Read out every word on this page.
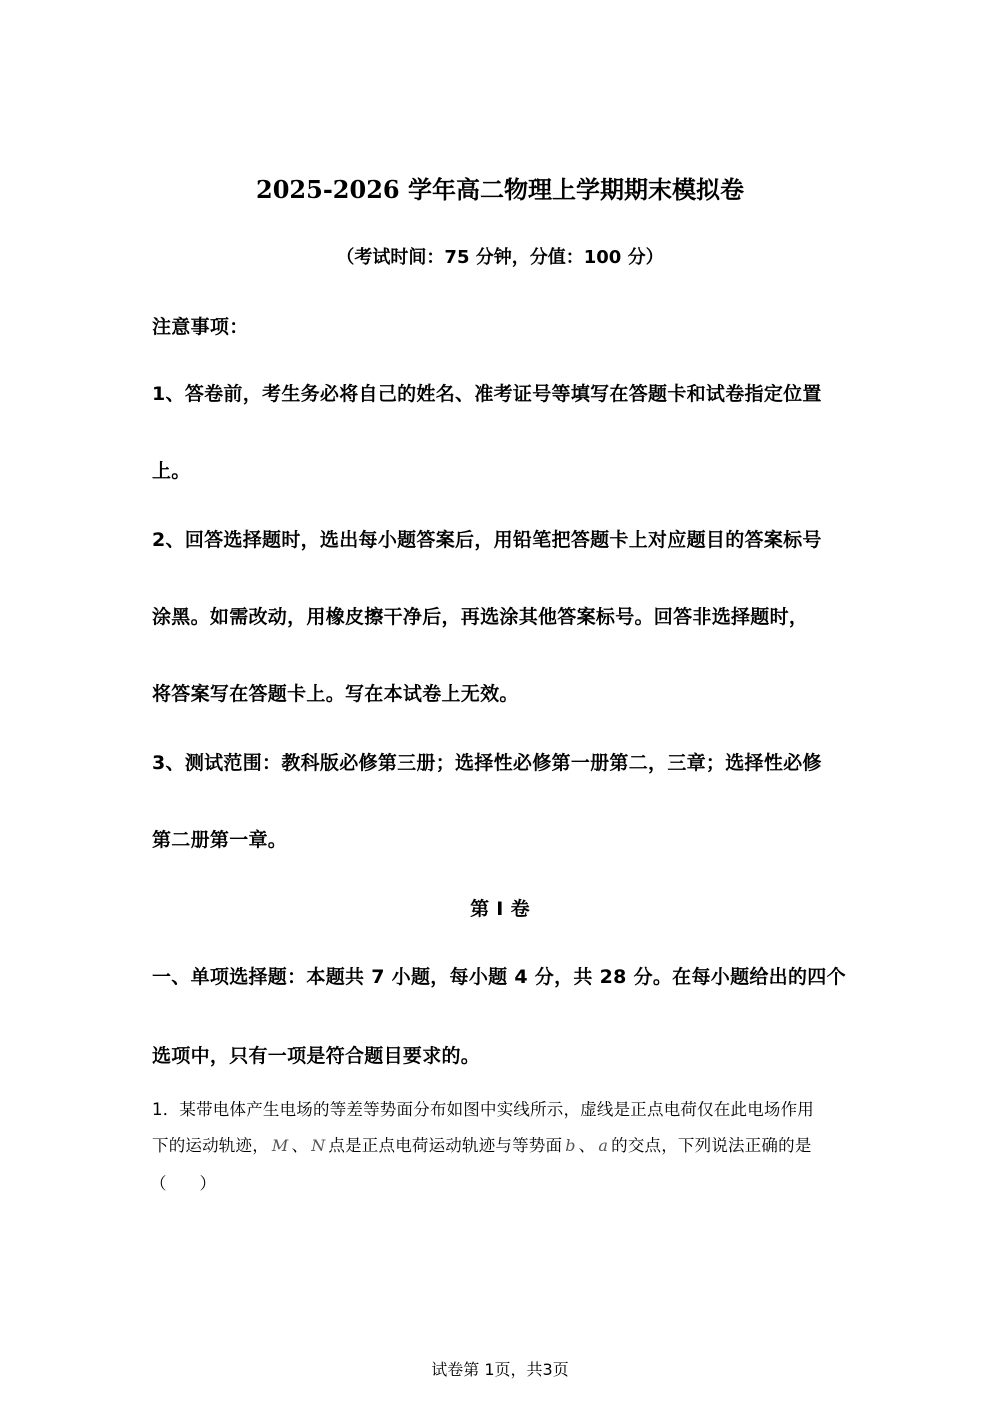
2025-2026 学年高二物理上学期期末模拟卷
（考试时间：75 分钟，分值：100 分）
注意事项：
1、答卷前，考生务必将自己的姓名、准考证号等填写在答题卡和试卷指定位置
上。
2、回答选择题时，选出每小题答案后，用铅笔把答题卡上对应题目的答案标号
涂黑。如需改动，用橡皮擦干净后，再选涂其他答案标号。回答非选择题时，
将答案写在答题卡上。写在本试卷上无效。
3、测试范围：教科版必修第三册；选择性必修第一册第二，三章；选择性必修
第二册第一章。
第 I 卷
一、单项选择题：本题共 7 小题，每小题 4 分，共 28 分。在每小题给出的四个
选项中，只有一项是符合题目要求的。
1．某带电体产生电场的等差等势面分布如图中实线所示，虚线是正点电荷仅在此电场作用
下的运动轨迹， M 、 N 点是正点电荷运动轨迹与等势面 b 、 a 的交点，下列说法正确的是
（　　）
试卷第 1页，共3页
